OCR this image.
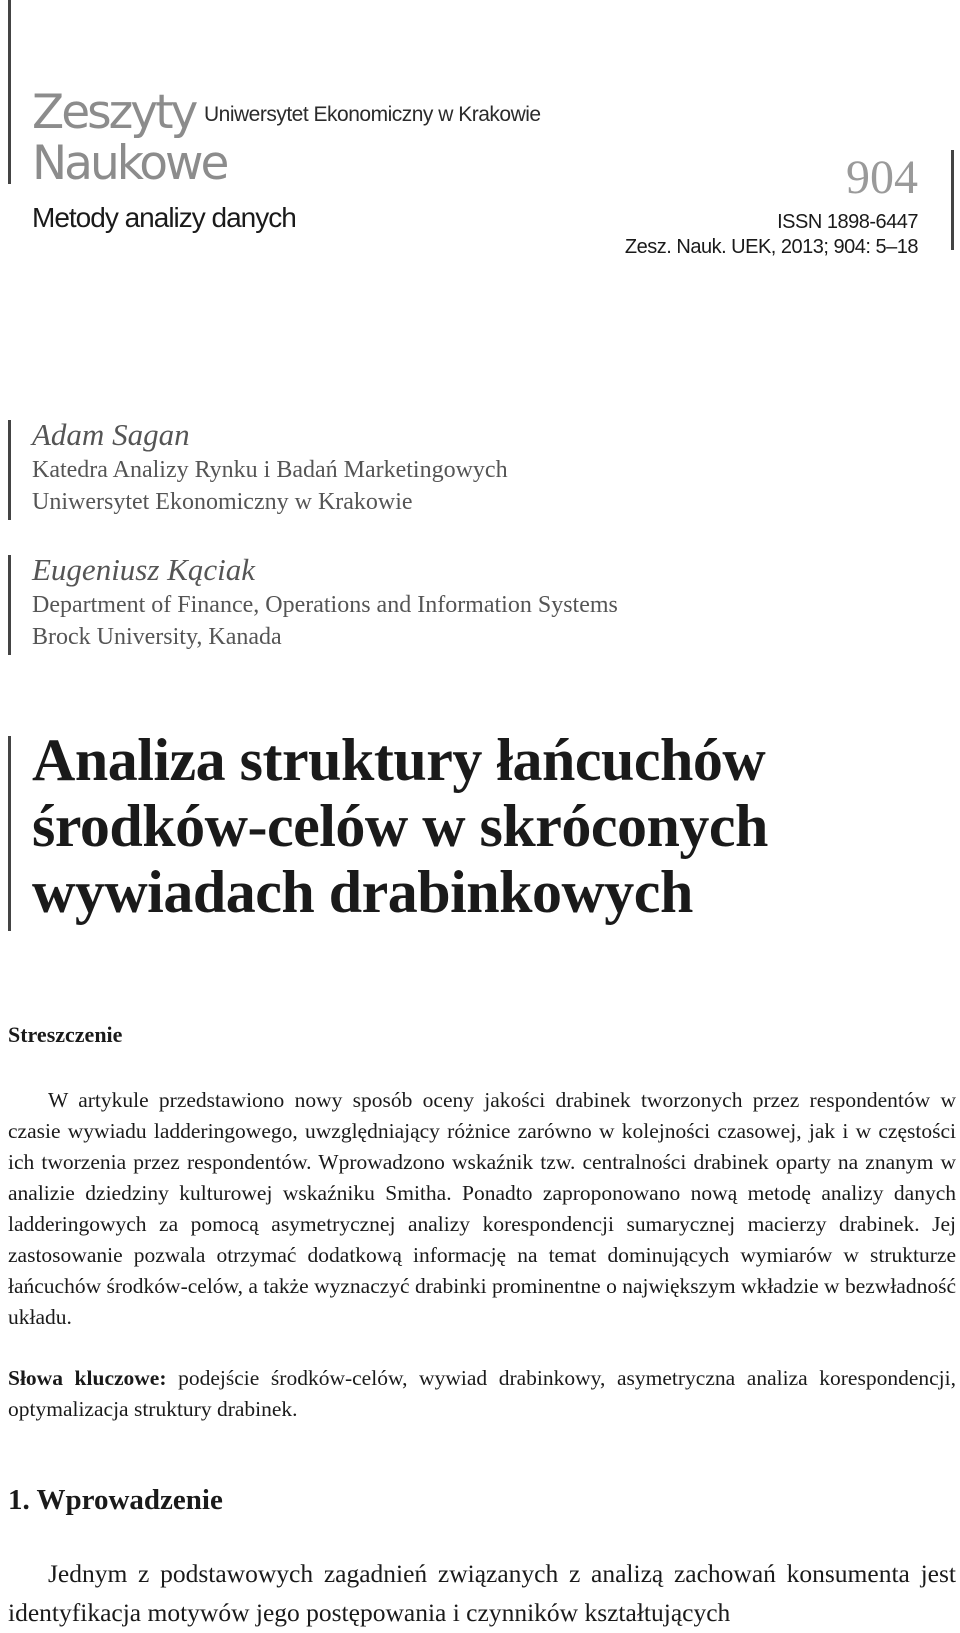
Zeszyty
Naukowe
Uniwersytet Ekonomiczny w Krakowie
Metody analizy danych
904
ISSN 1898-6447
Zesz. Nauk. UEK, 2013; 904: 5–18

Adam Sagan

Katedra Analizy Rynku i Badań Marketingowych

Uniwersytet Ekonomiczny w Krakowie

Eugeniusz Kąciak

Department of Finance, Operations and Information Systems

Brock University, Kanada

Analiza struktury łańcuchów
środków-celów w skróconych
wywiadach drabinkowych
Streszczenie

W artykule przedstawiono nowy sposób oceny jakości drabinek tworzonych przez respondentów w czasie wywiadu ladderingowego, uwzględniający różnice zarówno w kolejności czasowej, jak i w częstości ich tworzenia przez respondentów. Wprowadzono wskaźnik tzw. centralności drabinek oparty na znanym w analizie dziedziny kulturowej wskaźniku Smitha. Ponadto zaproponowano nową metodę analizy danych ladderingowych za pomocą asymetrycznej analizy korespondencji sumarycznej macierzy drabinek. Jej zastosowanie pozwala otrzymać dodatkową informację na temat dominujących wymiarów w strukturze łańcuchów środków-celów, a także wyznaczyć drabinki prominentne o największym wkładzie w bezwładność układu.

Słowa kluczowe: podejście środków-celów, wywiad drabinkowy, asymetryczna analiza korespondencji, optymalizacja struktury drabinek.

1. Wprowadzenie

Jednym z podstawowych zagadnień związanych z analizą zachowań konsumenta jest identyfikacja motywów jego postępowania i czynników kształtujących
